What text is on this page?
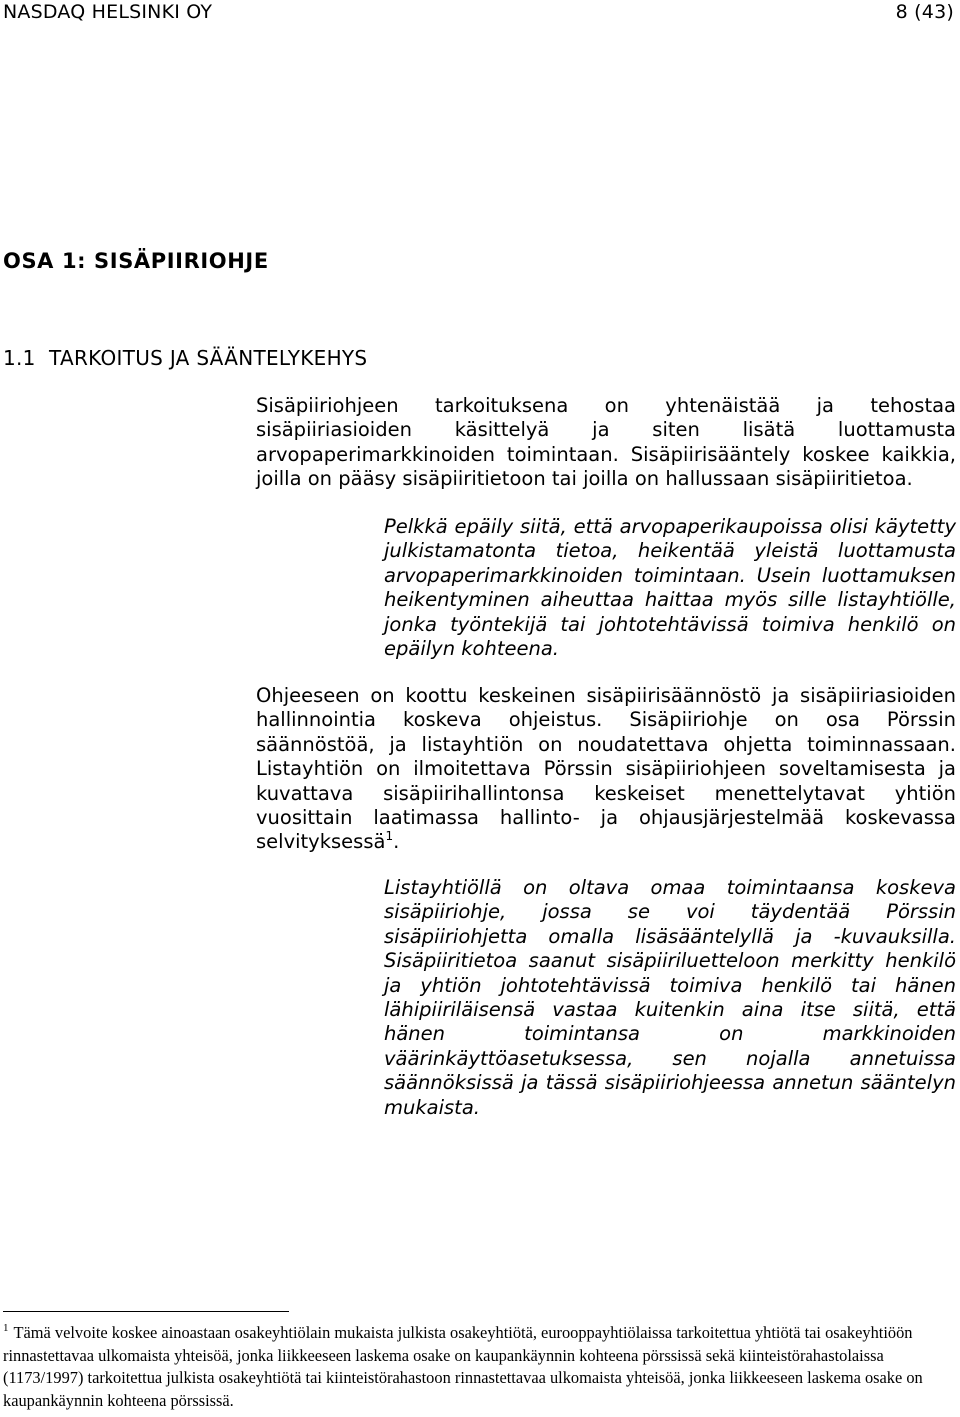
NASDAQ HELSINKI OY	8 (43)
OSA 1: SISÄPIIRIOHJE
1.1  TARKOITUS JA SÄÄNTELYKEHYS
Sisäpiiriohjeen tarkoituksena on yhtenäistää ja tehostaa sisäpiiriasioiden käsittelyä ja siten lisätä luottamusta arvopaperimarkkinoiden toimintaan. Sisäpiirisääntely koskee kaikkia, joilla on pääsy sisäpiiritietoon tai joilla on hallussaan sisäpiiritietoa.
Pelkkä epäily siitä, että arvopaperikaupoissa olisi käytetty julkistamatonta tietoa, heikentää yleistä luottamusta arvopaperimarkkinoiden toimintaan. Usein luottamuksen heikentyminen aiheuttaa haittaa myös sille listayhtiölle, jonka työntekijä tai johtotehtävissä toimiva henkilö on epäilyn kohteena.
Ohjeeseen on koottu keskeinen sisäpiirisäännöstö ja sisäpiiriasioiden hallinnointia koskeva ohjeistus. Sisäpiiriohje on osa Pörssin säännöstöä, ja listayhtiön on noudatettava ohjetta toiminnassaan. Listayhtiön on ilmoitettava Pörssin sisäpiiriohjeen soveltamisesta ja kuvattava sisäpiirihallintonsa keskeiset menettelytavat yhtiön vuosittain laatimassa hallinto- ja ohjausjärjestelmää koskevassa selvityksessä$^1$.
Listayhtiöllä on oltava omaa toimintaansa koskeva sisäpiiriohje, jossa se voi täydentää Pörssin sisäpiiriohjetta omalla lisäsääntelyllä ja -kuvauksilla. Sisäpiiritietoa saanut sisäpiiriluetteloon merkitty henkilö ja yhtiön johtotehtävissä toimiva henkilö tai hänen lähipiiriläisensä vastaa kuitenkin aina itse siitä, että hänen toimintansa on markkinoiden väärinkäyttöasetuksessa, sen nojalla annetuissa säännöksissä ja tässä sisäpiiriohjeessa annetun sääntelyn mukaista.
$^1$ Tämä velvoite koskee ainoastaan osakeyhtiölain mukaista julkista osakeyhtiötä, eurooppayhtiölaissa tarkoitettua yhtiötä tai osakeyhtiöön rinnastettavaa ulkomaista yhteisöä, jonka liikkeeseen laskema osake on kaupankäynnin kohteena pörssissä sekä kiinteistörahastolaissa (1173/1997) tarkoitettua julkista osakeyhtiötä tai kiinteistörahastoon rinnastettavaa ulkomaista yhteisöä, jonka liikkeeseen laskema osake on kaupankäynnin kohteena pörssissä.
